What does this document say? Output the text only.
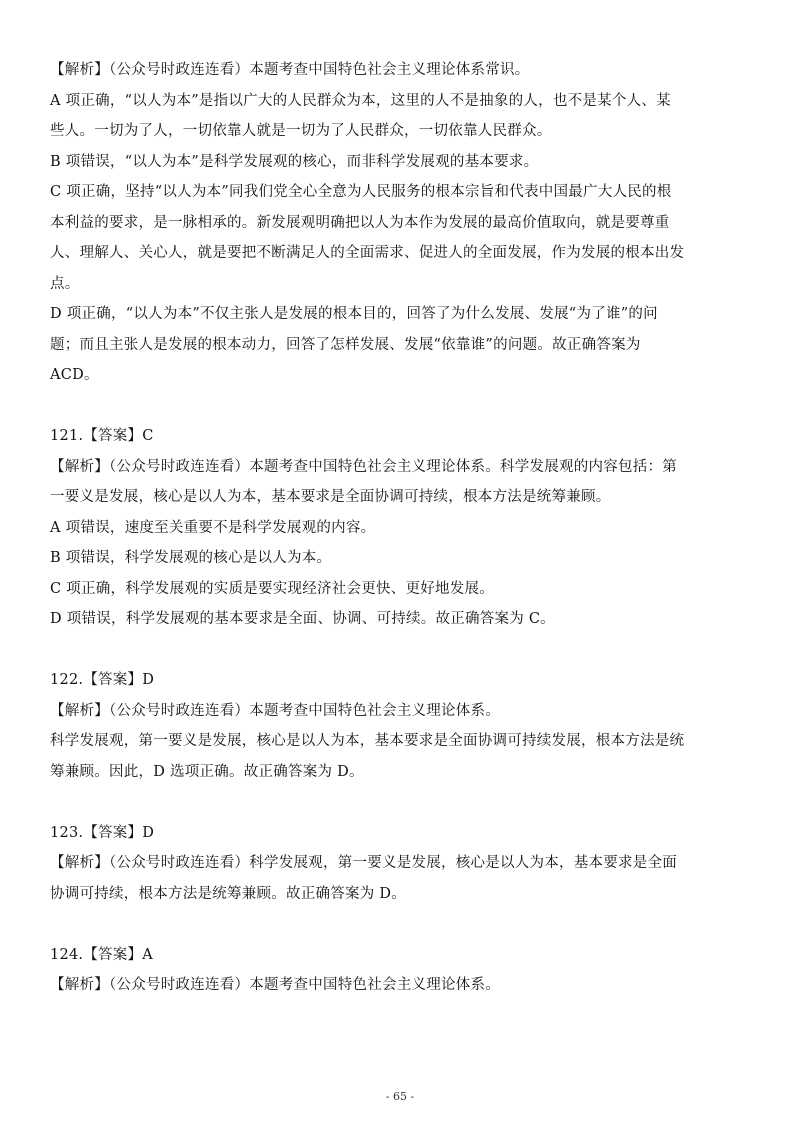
【解析】（公众号时政连连看）本题考查中国特色社会主义理论体系常识。

A 项正确，“以人为本”是指以广大的人民群众为本，这里的人不是抽象的人，也不是某个人、某

些人。一切为了人，一切依靠人就是一切为了人民群众，一切依靠人民群众。

B 项错误，“以人为本”是科学发展观的核心，而非科学发展观的基本要求。

C 项正确，坚持“以人为本”同我们党全心全意为人民服务的根本宗旨和代表中国最广大人民的根

本利益的要求，是一脉相承的。新发展观明确把以人为本作为发展的最高价值取向，就是要尊重

人、理解人、关心人，就是要把不断满足人的全面需求、促进人的全面发展，作为发展的根本出发

点。

D 项正确，“以人为本”不仅主张人是发展的根本目的，回答了为什么发展、发展“为了谁”的问

题；而且主张人是发展的根本动力，回答了怎样发展、发展“依靠谁”的问题。故正确答案为

ACD。

121.【答案】C

【解析】（公众号时政连连看）本题考查中国特色社会主义理论体系。科学发展观的内容包括：第

一要义是发展，核心是以人为本，基本要求是全面协调可持续，根本方法是统筹兼顾。

A 项错误，速度至关重要不是科学发展观的内容。

B 项错误，科学发展观的核心是以人为本。

C 项正确，科学发展观的实质是要实现经济社会更快、更好地发展。

D 项错误，科学发展观的基本要求是全面、协调、可持续。故正确答案为 C。

122.【答案】D

【解析】（公众号时政连连看）本题考查中国特色社会主义理论体系。

科学发展观，第一要义是发展，核心是以人为本，基本要求是全面协调可持续发展，根本方法是统

筹兼顾。因此，D 选项正确。故正确答案为 D。

123.【答案】D

【解析】（公众号时政连连看）科学发展观，第一要义是发展，核心是以人为本，基本要求是全面

协调可持续，根本方法是统筹兼顾。故正确答案为 D。

124.【答案】A

【解析】（公众号时政连连看）本题考查中国特色社会主义理论体系。

- 65 -
